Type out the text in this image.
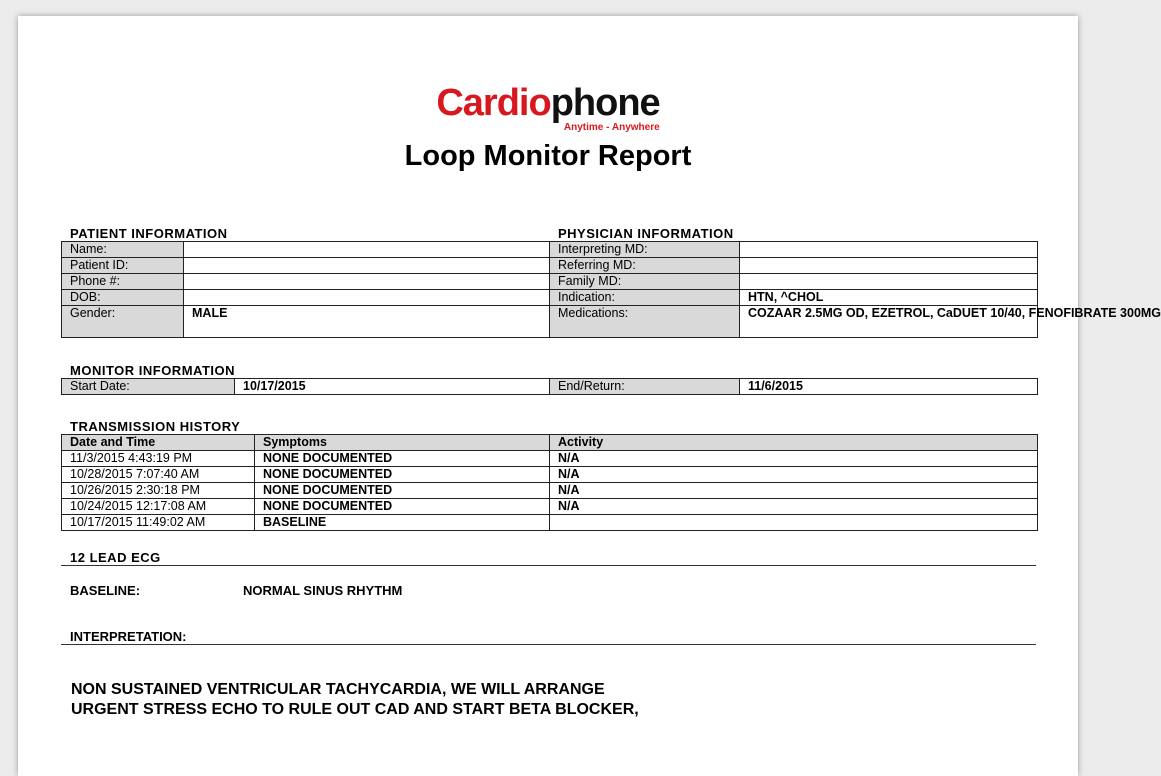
Cardiophone
Anytime - Anywhere
Loop Monitor Report
PATIENT INFORMATION	PHYSICIAN INFORMATION
Name:		Interpreting MD:	
Patient ID:		Referring MD:	
Phone #:		Family MD:	
DOB:		Indication:	HTN, ^CHOL
Gender:	MALE	Medications:	COZAAR 2.5MG OD, EZETROL, CaDUET 10/40, FENOFIBRATE 300MG
MONITOR INFORMATION
Start Date:	10/17/2015	End/Return:	11/6/2015
TRANSMISSION HISTORY
Date and Time	Symptoms	Activity
11/3/2015 4:43:19 PM	NONE DOCUMENTED	N/A
10/28/2015 7:07:40 AM	NONE DOCUMENTED	N/A
10/26/2015 2:30:18 PM	NONE DOCUMENTED	N/A
10/24/2015 12:17:08 AM	NONE DOCUMENTED	N/A
10/17/2015 11:49:02 AM	BASELINE	
12 LEAD ECG
BASELINE:	NORMAL SINUS RHYTHM
INTERPRETATION:
NON SUSTAINED VENTRICULAR TACHYCARDIA, WE WILL ARRANGE
URGENT STRESS ECHO TO RULE OUT CAD AND START BETA BLOCKER,
